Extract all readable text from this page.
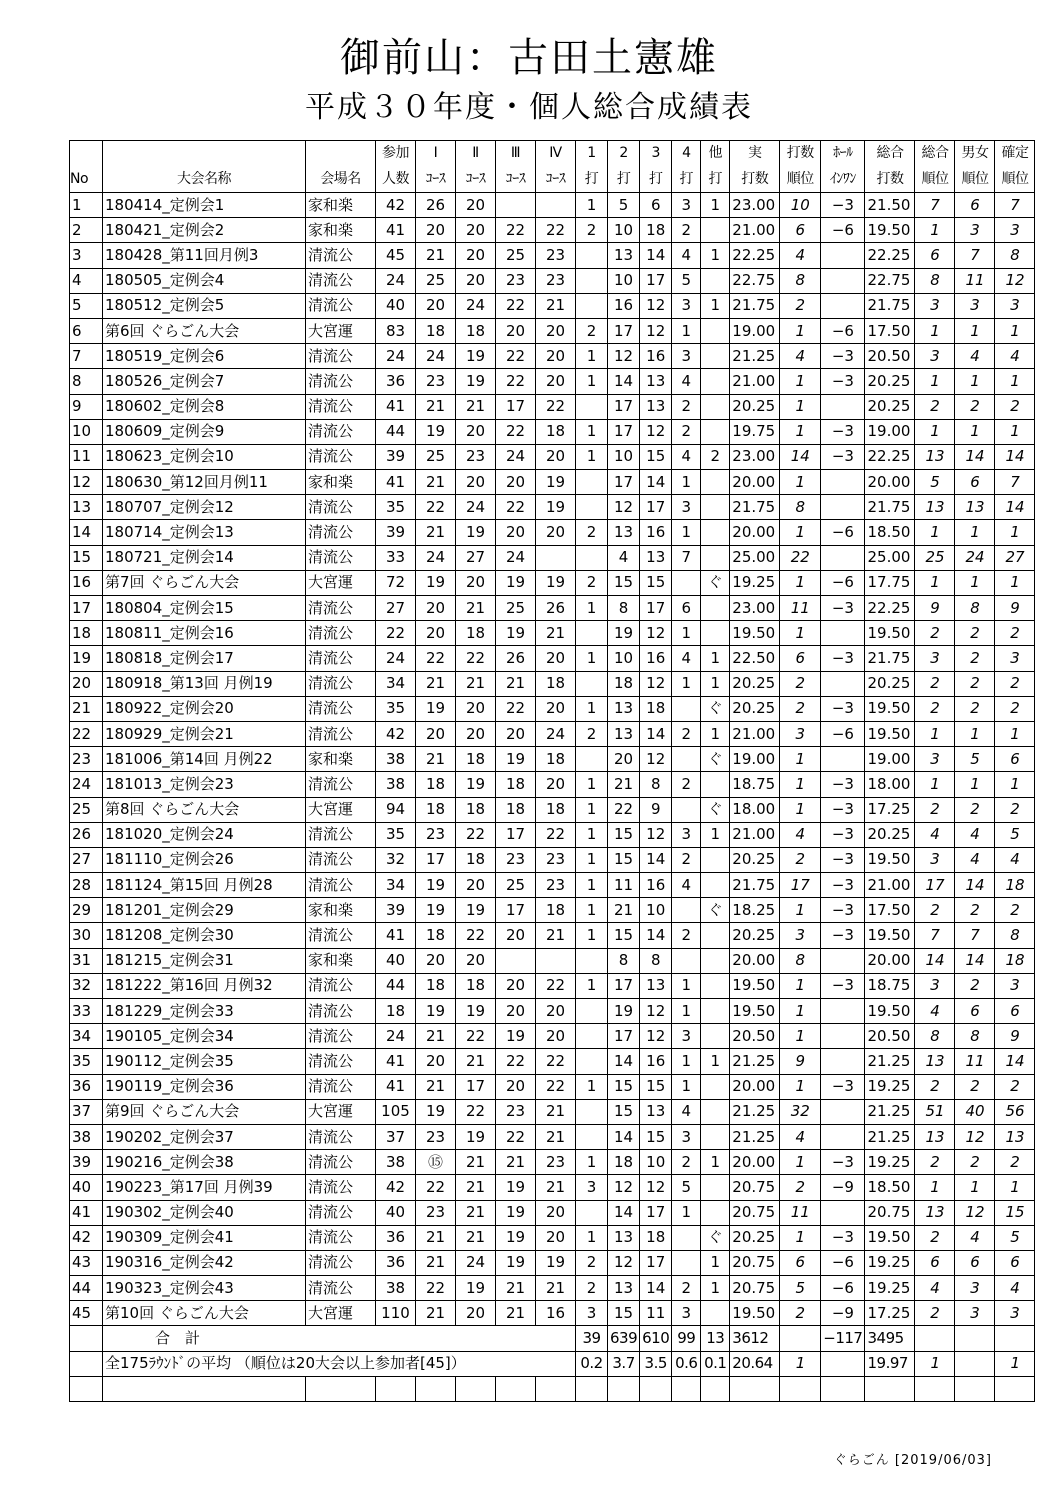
御前山：古田土憲雄
平成３０年度・個人総合成績表
			参加	Ⅰ	Ⅱ	Ⅲ	Ⅳ	1	2	3	4	他	実	打数	ﾎｰﾙ	総合	総合	男女	確定
No	大会名称	会場名	人数	ｺｰｽ	ｺｰｽ	ｺｰｽ	ｺｰｽ	打	打	打	打	打	打数	順位	ｲﾝﾜﾝ	打数	順位	順位	順位
1	180414_定例会1	家和楽	42	26	20			1	5	6	3	1	23.00	10	−3	21.50	7	6	7
2	180421_定例会2	家和楽	41	20	20	22	22	2	10	18	2		21.00	6	−6	19.50	1	3	3
3	180428_第11回月例3	清流公	45	21	20	25	23		13	14	4	1	22.25	4		22.25	6	7	8
4	180505_定例会4	清流公	24	25	20	23	23		10	17	5		22.75	8		22.75	8	11	12
5	180512_定例会5	清流公	40	20	24	22	21		16	12	3	1	21.75	2		21.75	3	3	3
6	第6回 ぐらごん大会	大宮運	83	18	18	20	20	2	17	12	1		19.00	1	−6	17.50	1	1	1
7	180519_定例会6	清流公	24	24	19	22	20	1	12	16	3		21.25	4	−3	20.50	3	4	4
8	180526_定例会7	清流公	36	23	19	22	20	1	14	13	4		21.00	1	−3	20.25	1	1	1
9	180602_定例会8	清流公	41	21	21	17	22		17	13	2		20.25	1		20.25	2	2	2
10	180609_定例会9	清流公	44	19	20	22	18	1	17	12	2		19.75	1	−3	19.00	1	1	1
11	180623_定例会10	清流公	39	25	23	24	20	1	10	15	4	2	23.00	14	−3	22.25	13	14	14
12	180630_第12回月例11	家和楽	41	21	20	20	19		17	14	1		20.00	1		20.00	5	6	7
13	180707_定例会12	清流公	35	22	24	22	19		12	17	3		21.75	8		21.75	13	13	14
14	180714_定例会13	清流公	39	21	19	20	20	2	13	16	1		20.00	1	−6	18.50	1	1	1
15	180721_定例会14	清流公	33	24	27	24			4	13	7		25.00	22		25.00	25	24	27
16	第7回 ぐらごん大会	大宮運	72	19	20	19	19	2	15	15		ぐ	19.25	1	−6	17.75	1	1	1
17	180804_定例会15	清流公	27	20	21	25	26	1	8	17	6		23.00	11	−3	22.25	9	8	9
18	180811_定例会16	清流公	22	20	18	19	21		19	12	1		19.50	1		19.50	2	2	2
19	180818_定例会17	清流公	24	22	22	26	20	1	10	16	4	1	22.50	6	−3	21.75	3	2	3
20	180918_第13回 月例19	清流公	34	21	21	21	18		18	12	1	1	20.25	2		20.25	2	2	2
21	180922_定例会20	清流公	35	19	20	22	20	1	13	18		ぐ	20.25	2	−3	19.50	2	2	2
22	180929_定例会21	清流公	42	20	20	20	24	2	13	14	2	1	21.00	3	−6	19.50	1	1	1
23	181006_第14回 月例22	家和楽	38	21	18	19	18		20	12		ぐ	19.00	1		19.00	3	5	6
24	181013_定例会23	清流公	38	18	19	18	20	1	21	8	2		18.75	1	−3	18.00	1	1	1
25	第8回 ぐらごん大会	大宮運	94	18	18	18	18	1	22	9		ぐ	18.00	1	−3	17.25	2	2	2
26	181020_定例会24	清流公	35	23	22	17	22	1	15	12	3	1	21.00	4	−3	20.25	4	4	5
27	181110_定例会26	清流公	32	17	18	23	23	1	15	14	2		20.25	2	−3	19.50	3	4	4
28	181124_第15回 月例28	清流公	34	19	20	25	23	1	11	16	4		21.75	17	−3	21.00	17	14	18
29	181201_定例会29	家和楽	39	19	19	17	18	1	21	10		ぐ	18.25	1	−3	17.50	2	2	2
30	181208_定例会30	清流公	41	18	22	20	21	1	15	14	2		20.25	3	−3	19.50	7	7	8
31	181215_定例会31	家和楽	40	20	20				8	8			20.00	8		20.00	14	14	18
32	181222_第16回 月例32	清流公	44	18	18	20	22	1	17	13	1		19.50	1	−3	18.75	3	2	3
33	181229_定例会33	清流公	18	19	19	20	20		19	12	1		19.50	1		19.50	4	6	6
34	190105_定例会34	清流公	24	21	22	19	20		17	12	3		20.50	1		20.50	8	8	9
35	190112_定例会35	清流公	41	20	21	22	22		14	16	1	1	21.25	9		21.25	13	11	14
36	190119_定例会36	清流公	41	21	17	20	22	1	15	15	1		20.00	1	−3	19.25	2	2	2
37	第9回 ぐらごん大会	大宮運	105	19	22	23	21		15	13	4		21.25	32		21.25	51	40	56
38	190202_定例会37	清流公	37	23	19	22	21		14	15	3		21.25	4		21.25	13	12	13
39	190216_定例会38	清流公	38	⑮	21	21	23	1	18	10	2	1	20.00	1	−3	19.25	2	2	2
40	190223_第17回 月例39	清流公	42	22	21	19	21	3	12	12	5		20.75	2	−9	18.50	1	1	1
41	190302_定例会40	清流公	40	23	21	19	20		14	17	1		20.75	11		20.75	13	12	15
42	190309_定例会41	清流公	36	21	21	19	20	1	13	18		ぐ	20.25	1	−3	19.50	2	4	5
43	190316_定例会42	清流公	36	21	24	19	19	2	12	17		1	20.75	6	−6	19.25	6	6	6
44	190323_定例会43	清流公	38	22	19	21	21	2	13	14	2	1	20.75	5	−6	19.25	4	3	4
45	第10回 ぐらごん大会	大宮運	110	21	20	21	16	3	15	11	3		19.50	2	−9	17.25	2	3	3
	合　計							39	639	610	99	13	3612		−117	3495			
	全175ﾗｳﾝﾄﾞの平均 （順位は20大会以上参加者[45]）							0.2	3.7	3.5	0.6	0.1	20.64	1		19.97	1		1

ぐらごん [2019/06/03]
